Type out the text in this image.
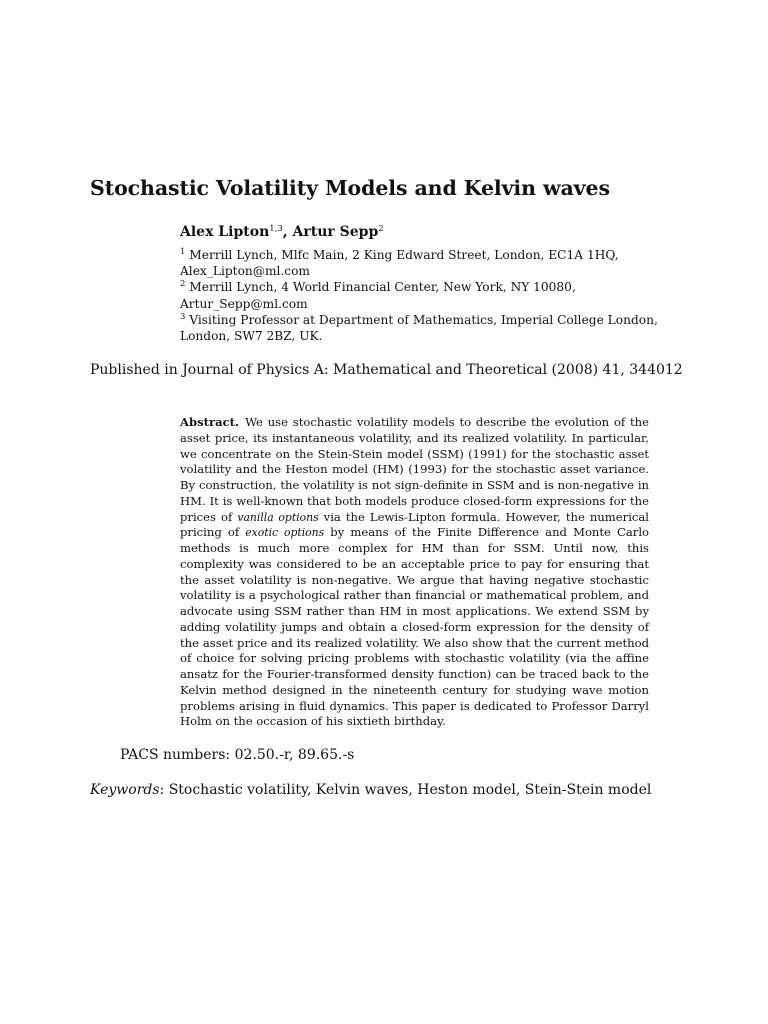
Stochastic Volatility Models and Kelvin waves
Alex Lipton$^{1,3}$, Artur Sepp$^2$
$^1$ Merrill Lynch, Mlfc Main, 2 King Edward Street, London, EC1A 1HQ,
Alex_Lipton@ml.com
$^2$ Merrill Lynch, 4 World Financial Center, New York, NY 10080,
Artur_Sepp@ml.com
$^3$ Visiting Professor at Department of Mathematics, Imperial College London,
London, SW7 2BZ, UK.
Published in Journal of Physics A: Mathematical and Theoretical (2008) 41, 344012
Abstract. We use stochastic volatility models to describe the evolution of the asset price, its instantaneous volatility, and its realized volatility. In particular, we concentrate on the Stein-Stein model (SSM) (1991) for the stochastic asset volatility and the Heston model (HM) (1993) for the stochastic asset variance. By construction, the volatility is not sign-definite in SSM and is non-negative in HM. It is well-known that both models produce closed-form expressions for the prices of vanilla options via the Lewis-Lipton formula. However, the numerical pricing of exotic options by means of the Finite Difference and Monte Carlo methods is much more complex for HM than for SSM. Until now, this complexity was considered to be an acceptable price to pay for ensuring that the asset volatility is non-negative. We argue that having negative stochastic volatility is a psychological rather than financial or mathematical problem, and advocate using SSM rather than HM in most applications. We extend SSM by adding volatility jumps and obtain a closed-form expression for the density of the asset price and its realized volatility. We also show that the current method of choice for solving pricing problems with stochastic volatility (via the affine ansatz for the Fourier-transformed density function) can be traced back to the Kelvin method designed in the nineteenth century for studying wave motion problems arising in fluid dynamics. This paper is dedicated to Professor Darryl Holm on the occasion of his sixtieth birthday.
PACS numbers: 02.50.-r, 89.65.-s
Keywords: Stochastic volatility, Kelvin waves, Heston model, Stein-Stein model
